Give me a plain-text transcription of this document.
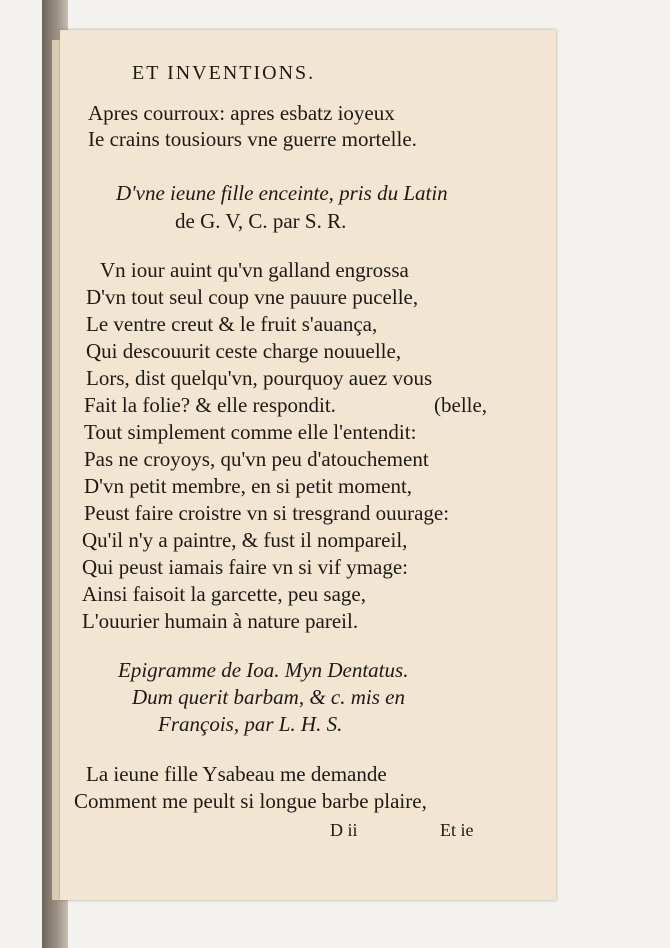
ET INVENTIONS.
Apres courroux: apres esbatz ioyeux
Ie crains tousiours vne guerre mortelle.
D'vne ieune fille enceinte, pris du Latin
de G. V, C. par S. R.
Vn iour auint qu'vn galland engrossa
D'vn tout seul coup vne pauure pucelle,
Le ventre creut & le fruit s'auança,
Qui descouurit ceste charge nouuelle,
Lors, dist quelqu'vn, pourquoy auez vous
Fait la folie? & elle respondit.	(belle,
Tout simplement comme elle l'entendit:
Pas ne croyoys, qu'vn peu d'atouchement
D'vn petit membre, en si petit moment,
Peust faire croistre vn si tresgrand ouurage:
Qu'il n'y a paintre, & fust il nompareil,
Qui peust iamais faire vn si vif ymage:
Ainsi faisoit la garcette, peu sage,
L'ouurier humain à nature pareil.
Epigramme de Ioa. Myn Dentatus.
Dum querit barbam, & c. mis en
François, par L. H. S.
La ieune fille Ysabeau me demande
Comment me peult si longue barbe plaire,
D ii	Et ie
